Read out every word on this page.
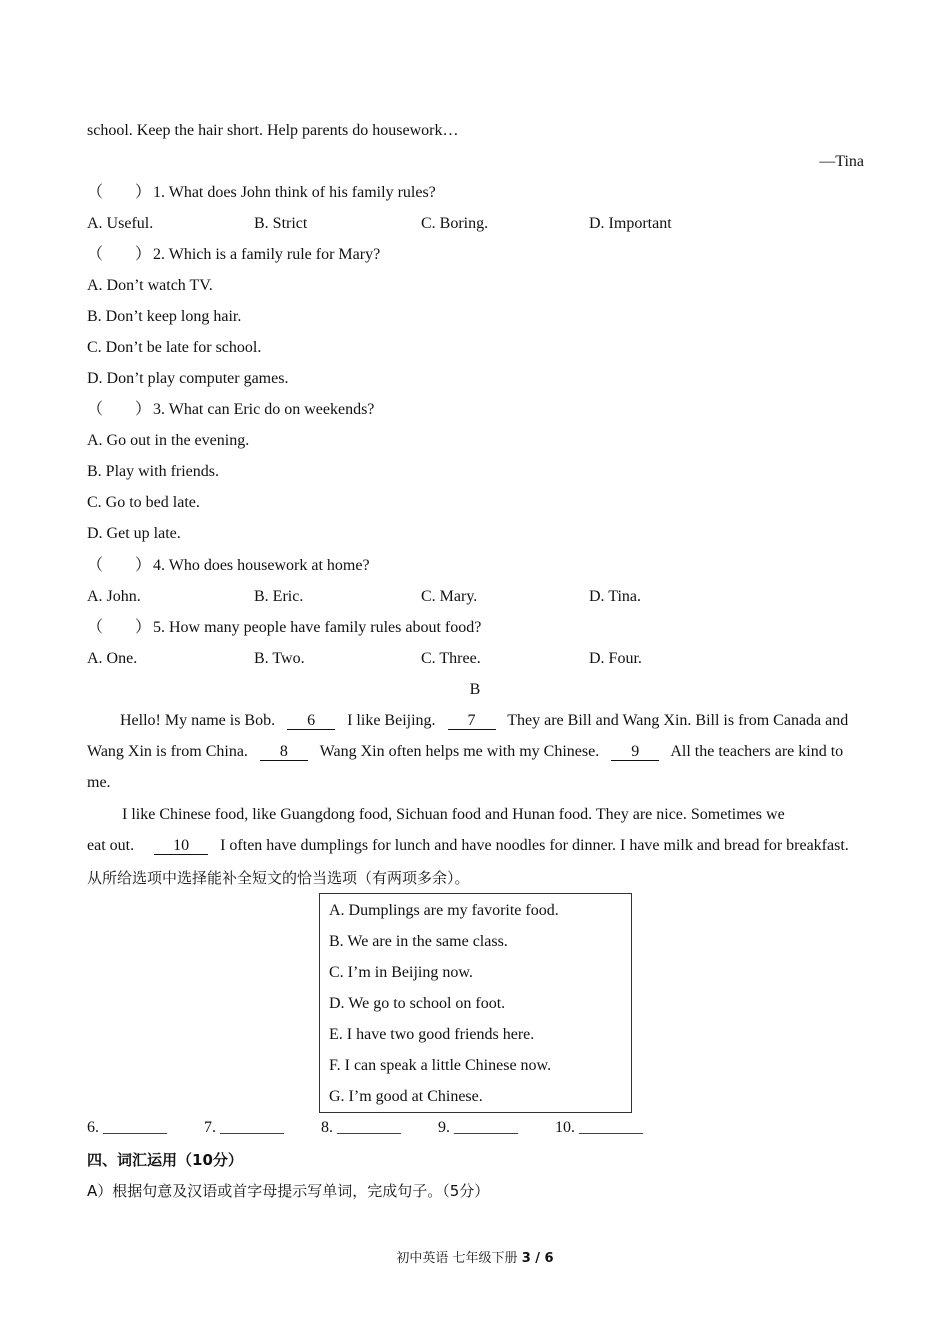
school. Keep the hair short. Help parents do housework…
—Tina
（　　） 1. What does John think of his family rules?
A. Useful.	B. Strict	C. Boring.	D. Important
（　　） 2. Which is a family rule for Mary?
A. Don’t watch TV.
B. Don’t keep long hair.
C. Don’t be late for school.
D. Don’t play computer games.
（　　） 3. What can Eric do on weekends?
A. Go out in the evening.
B. Play with friends.
C. Go to bed late.
D. Get up late.
（　　） 4. Who does housework at home?
A. John.	B. Eric.	C. Mary.	D. Tina.
（　　） 5. How many people have family rules about food?
A. One.	B. Two.	C. Three.	D. Four.
B
Hello! My name is Bob. 6 I like Beijing. 7 They are Bill and Wang Xin. Bill is from Canada and
Wang Xin is from China. 8 Wang Xin often helps me with my Chinese. 9 All the teachers are kind to
me.
I like Chinese food, like Guangdong food, Sichuan food and Hunan food. They are nice. Sometimes we
eat out. 10 I often have dumplings for lunch and have noodles for dinner. I have milk and bread for breakfast.
从所给选项中选择能补全短文的恰当选项（有两项多余）。
A. Dumplings are my favorite food.
B. We are in the same class.
C. I’m in Beijing now.
D. We go to school on foot.
E. I have two good friends here.
F. I can speak a little Chinese now.
G. I’m good at Chinese.
6. ________ 7. ________ 8. ________ 9. ________ 10. ________
四、词汇运用（10分）
A）根据句意及汉语或首字母提示写单词，完成句子。（5分）
初中英语 七年级下册 3 / 6
